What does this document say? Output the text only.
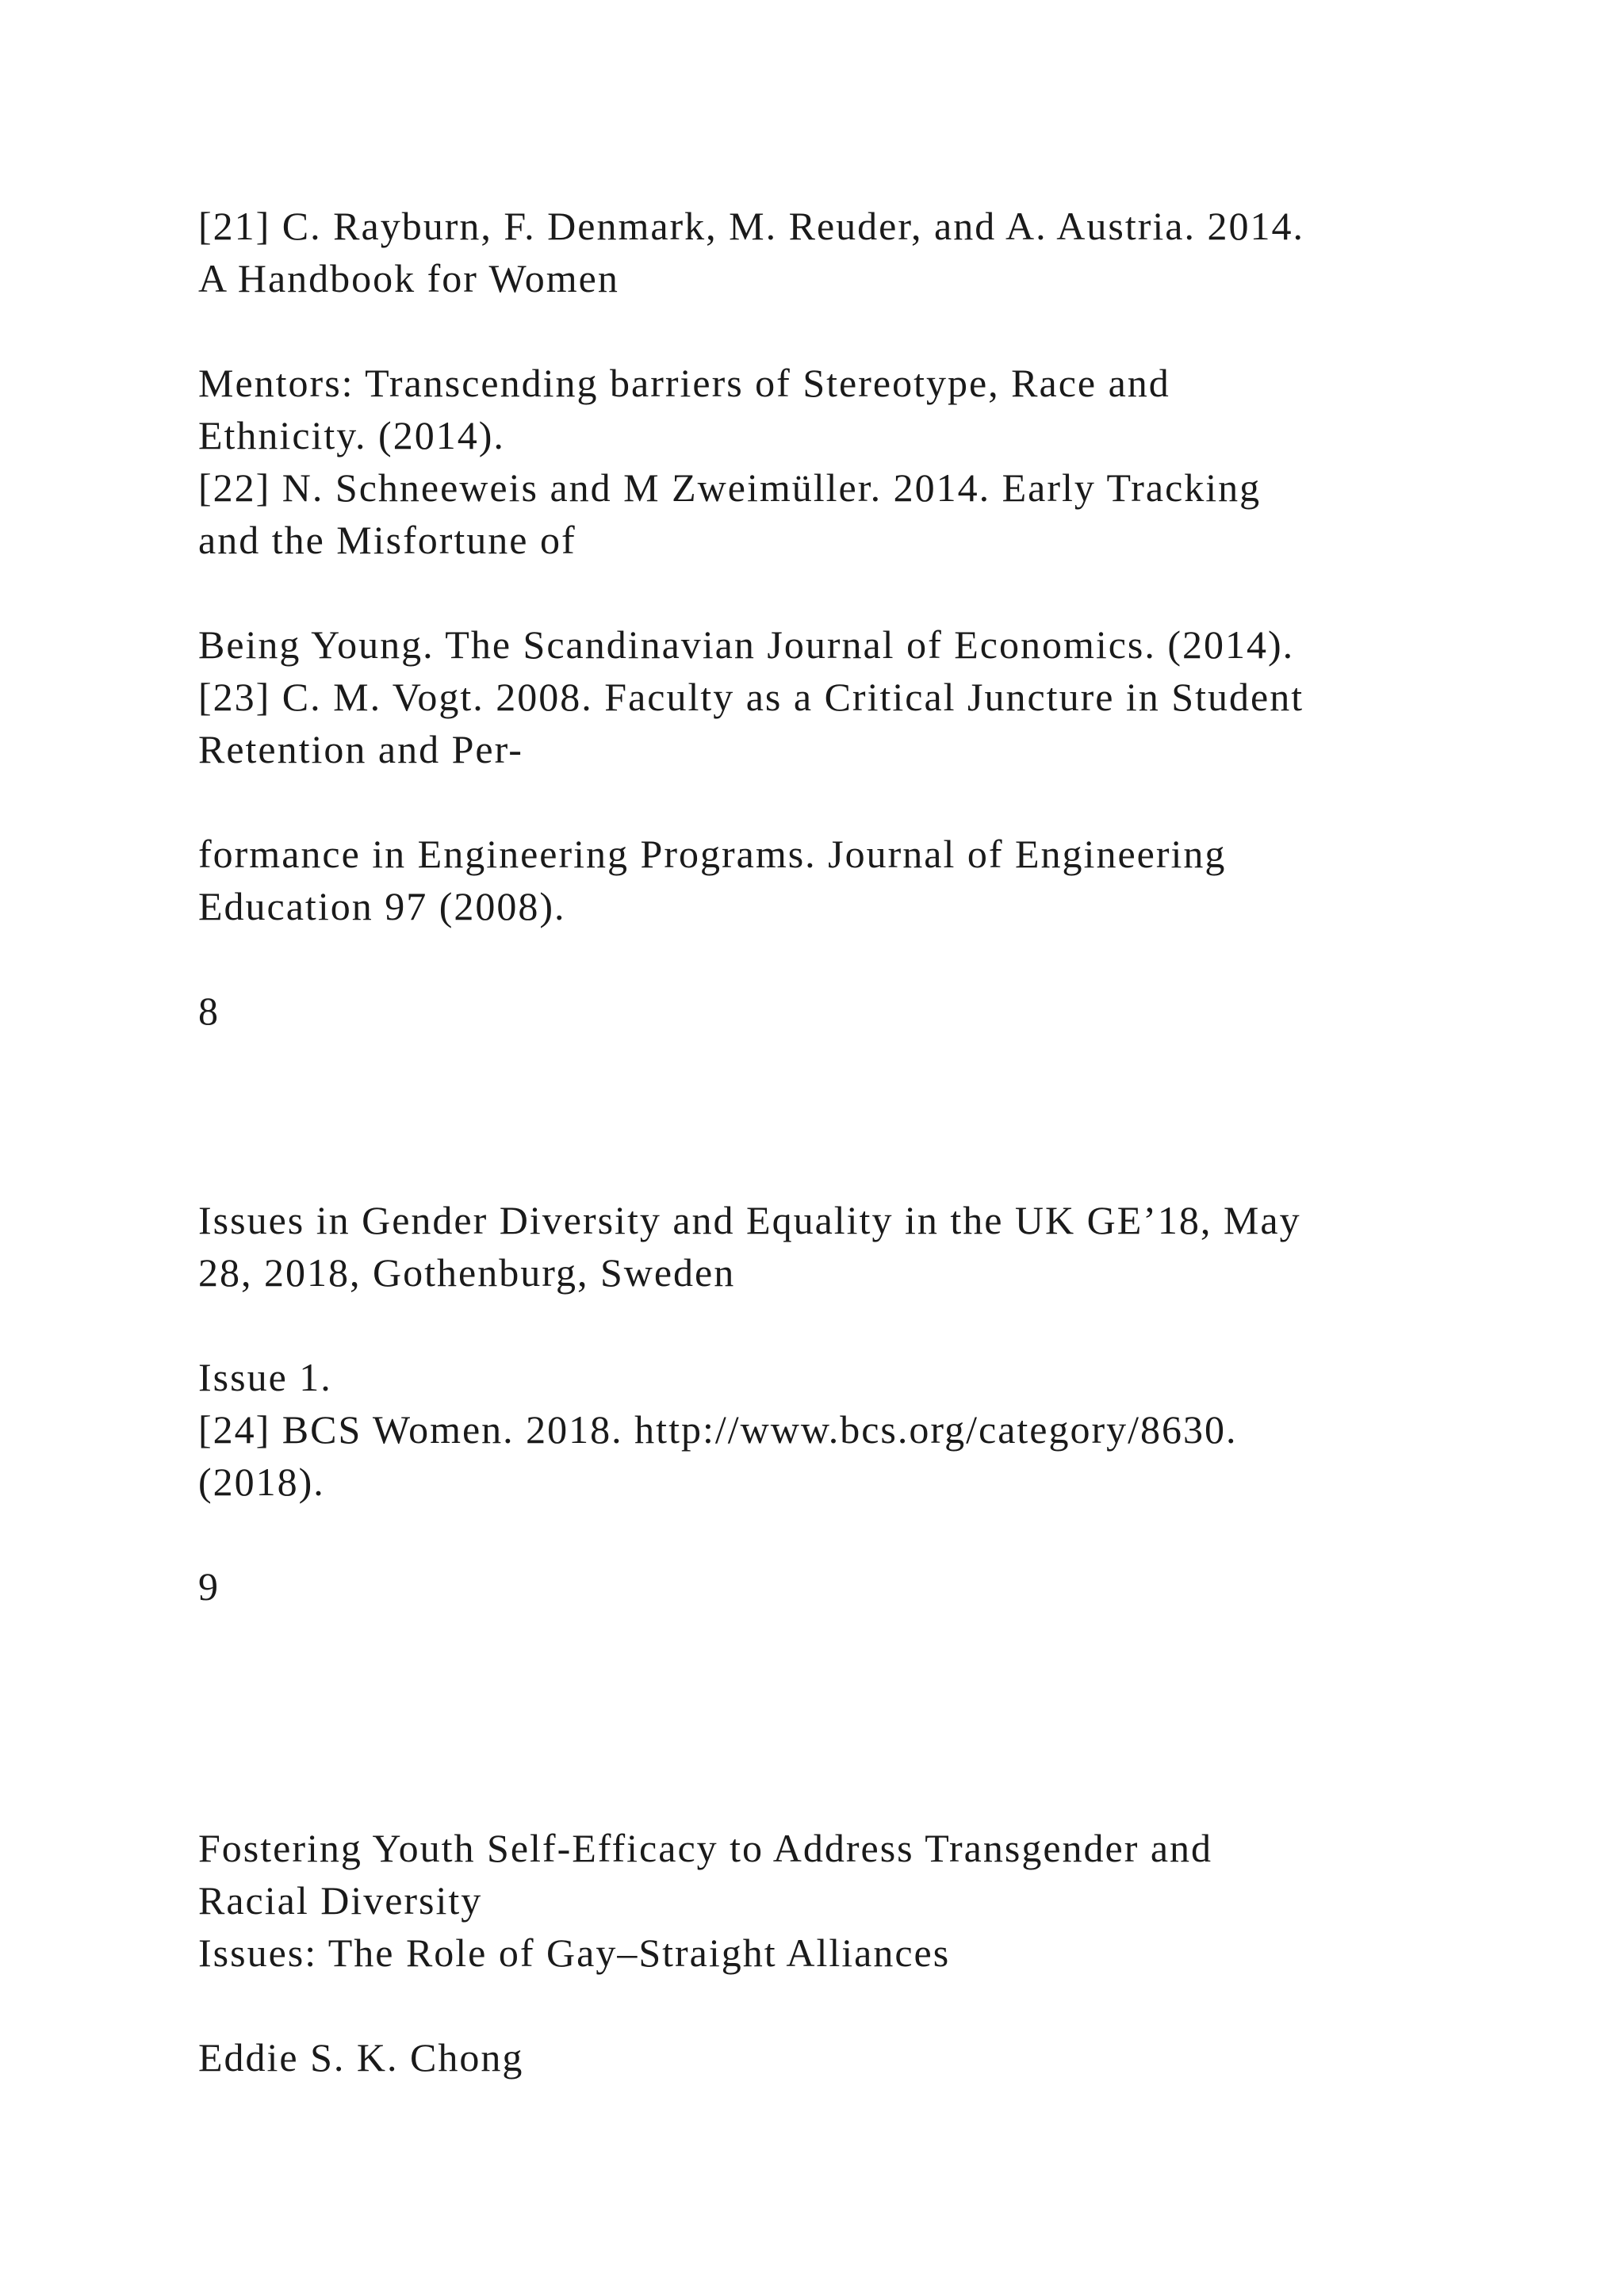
[21] C. Rayburn, F. Denmark, M. Reuder, and A. Austria. 2014.
A Handbook for Women
Mentors: Transcending barriers of Stereotype, Race and
Ethnicity. (2014).
[22] N. Schneeweis and M Zweimüller. 2014. Early Tracking
and the Misfortune of
Being Young. The Scandinavian Journal of Economics. (2014).
[23] C. M. Vogt. 2008. Faculty as a Critical Juncture in Student
Retention and Per-
formance in Engineering Programs. Journal of Engineering
Education 97 (2008).
8
Issues in Gender Diversity and Equality in the UK GE’18, May
28, 2018, Gothenburg, Sweden
Issue 1.
[24] BCS Women. 2018. http://www.bcs.org/category/8630.
(2018).
9
Fostering Youth Self-Efficacy to Address Transgender and
Racial Diversity
Issues: The Role of Gay–Straight Alliances
Eddie S. K. Chong
